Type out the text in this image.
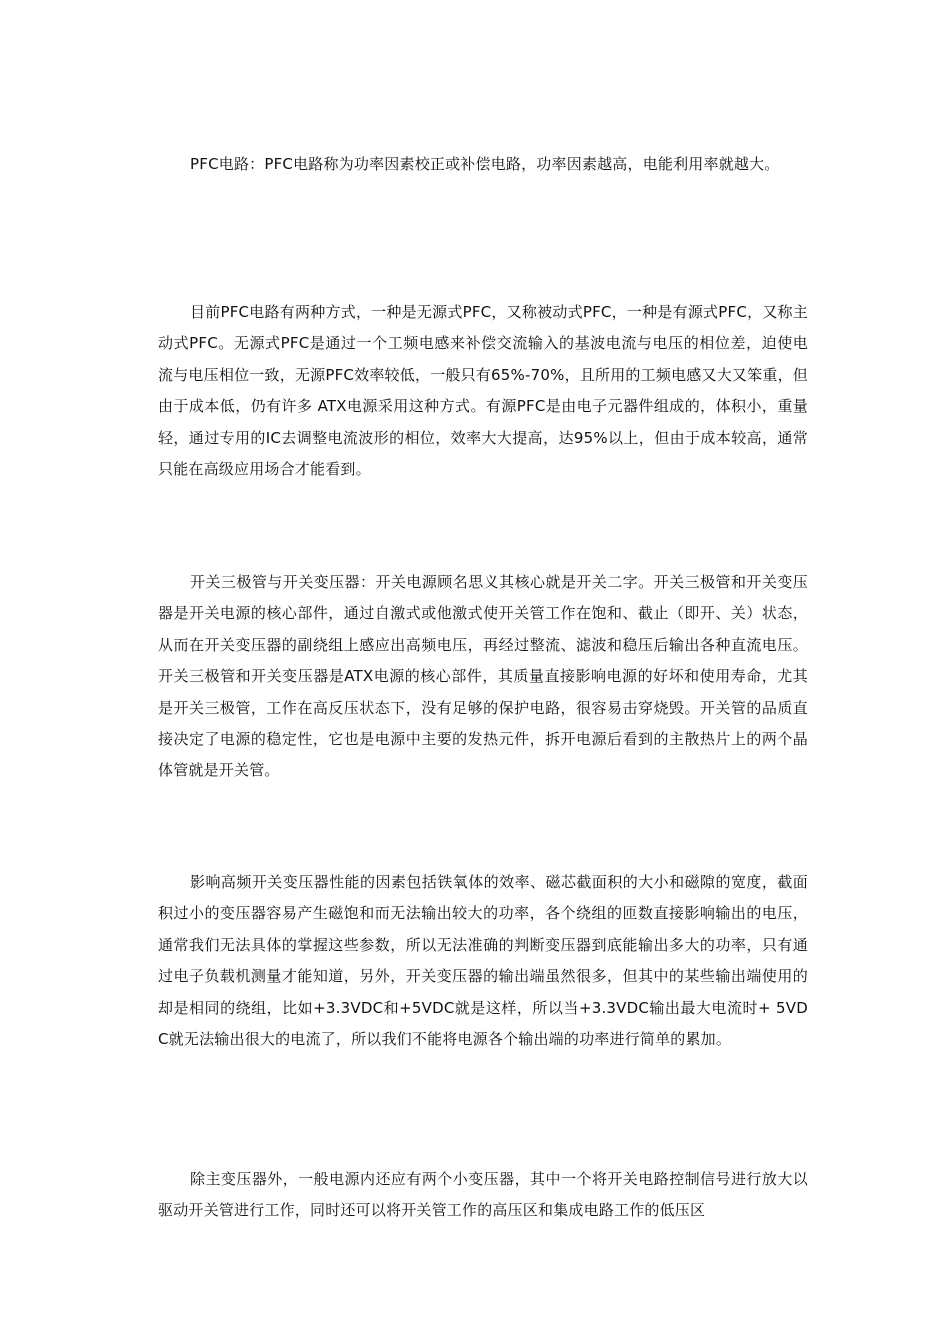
PFC电路：PFC电路称为功率因素校正或补偿电路，功率因素越高，电能利用率就越大。

目前PFC电路有两种方式，一种是无源式PFC，又称被动式PFC，一种是有源式PFC，又称主动式PFC。无源式PFC是通过一个工频电感来补偿交流输入的基波电流与电压的相位差，迫使电流与电压相位一致，无源PFC效率较低，一般只有65%-70%，且所用的工频电感又大又笨重，但由于成本低，仍有许多 ATX电源采用这种方式。有源PFC是由电子元器件组成的，体积小，重量轻，通过专用的IC去调整电流波形的相位，效率大大提高，达95%以上，但由于成本较高，通常只能在高级应用场合才能看到。

开关三极管与开关变压器：开关电源顾名思义其核心就是开关二字。开关三极管和开关变压器是开关电源的核心部件，通过自激式或他激式使开关管工作在饱和、截止（即开、关）状态，从而在开关变压器的副绕组上感应出高频电压，再经过整流、滤波和稳压后输出各种直流电压。开关三极管和开关变压器是ATX电源的核心部件，其质量直接影响电源的好坏和使用寿命，尤其是开关三极管，工作在高反压状态下，没有足够的保护电路，很容易击穿烧毁。开关管的品质直接决定了电源的稳定性，它也是电源中主要的发热元件，拆开电源后看到的主散热片上的两个晶体管就是开关管。

影响高频开关变压器性能的因素包括铁氧体的效率、磁芯截面积的大小和磁隙的宽度，截面积过小的变压器容易产生磁饱和而无法输出较大的功率，各个绕组的匝数直接影响输出的电压，通常我们无法具体的掌握这些参数，所以无法准确的判断变压器到底能输出多大的功率，只有通过电子负载机测量才能知道，另外，开关变压器的输出端虽然很多，但其中的某些输出端使用的却是相同的绕组，比如+3.3VDC和+5VDC就是这样，所以当+3.3VDC输出最大电流时+ 5VDC就无法输出很大的电流了，所以我们不能将电源各个输出端的功率进行简单的累加。

除主变压器外，一般电源内还应有两个小变压器，其中一个将开关电路控制信号进行放大以驱动开关管进行工作，同时还可以将开关管工作的高压区和集成电路工作的低压区
